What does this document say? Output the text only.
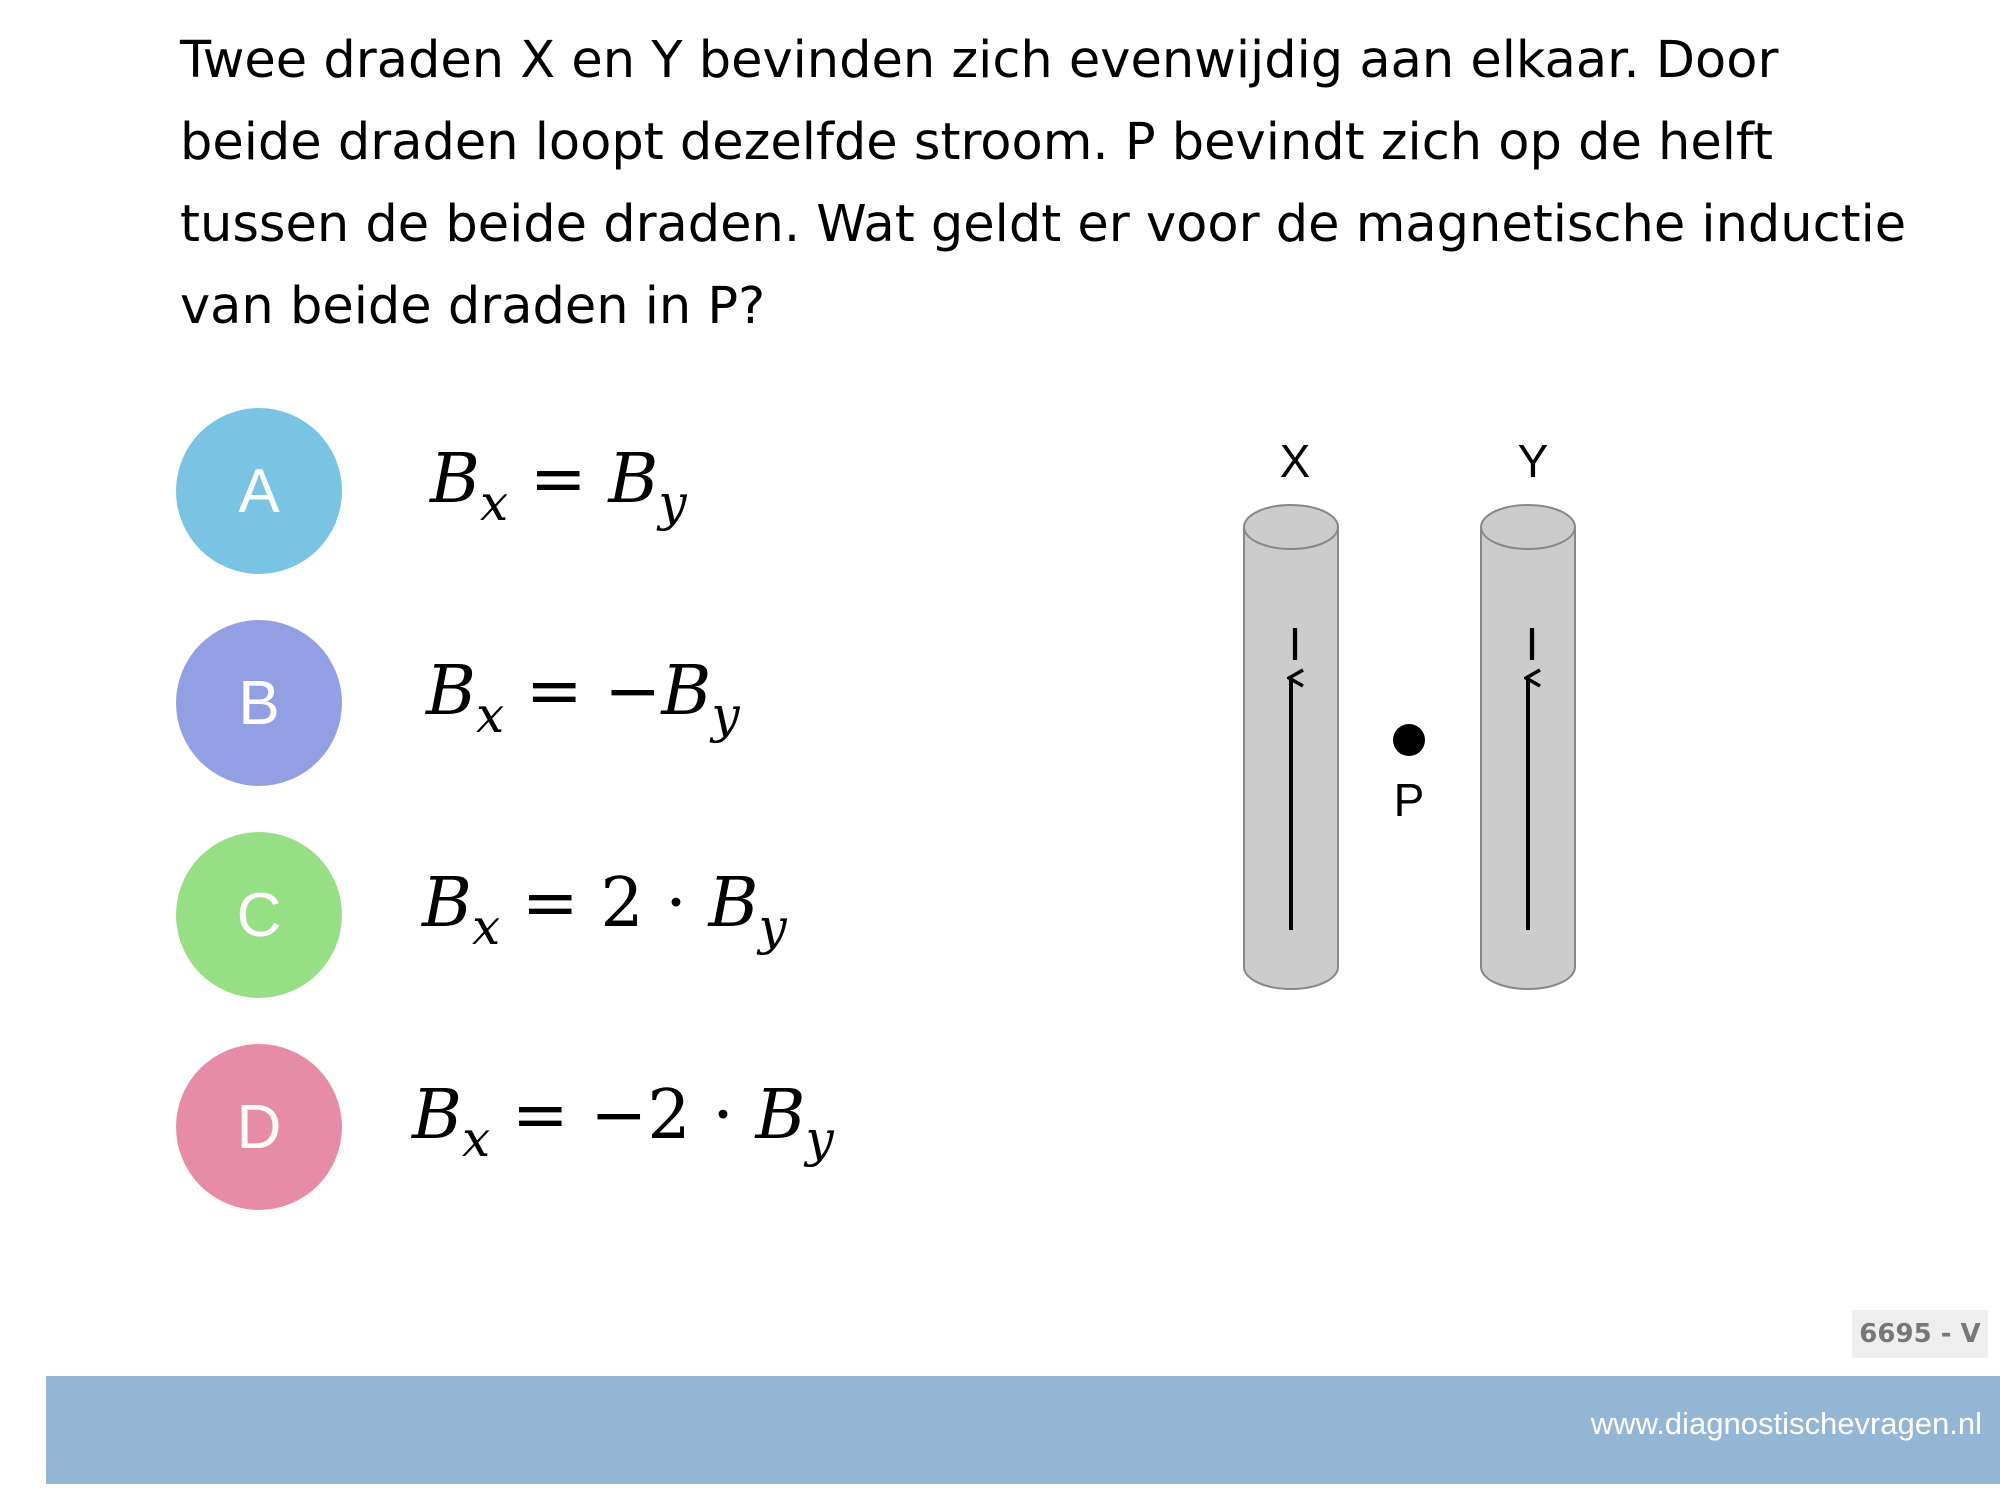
Twee draden X en Y bevinden zich evenwijdig aan elkaar. Door beide draden loopt dezelfde stroom. P bevindt zich op de helft tussen de beide draden. Wat geldt er voor de magnetische inductie van beide draden in P?

A	$B_x = B_y$
B	$B_x = -B_y$
C	$B_x = 2 \cdot B_y$
D	$B_x = -2 \cdot B_y$
X	Y
I	I
P
6695 - V
www.diagnostischevragen.nl
